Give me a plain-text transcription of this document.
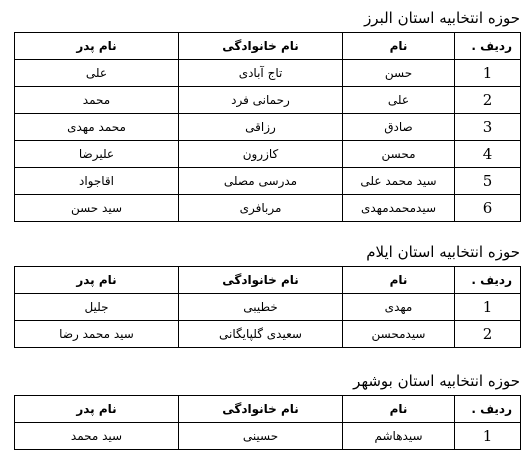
حوزه انتخابیه استان البرز
ردیف .	نام	نام خانوادگی	نام پدر
1	حسن	تاج آبادی	علی
2	علی	رحمانی فرد	محمد
3	صادق	رزاقی	محمد مهدی
4	محسن	کازرون	علیرضا
5	سید محمد علی	مدرسی مصلی	اقاجواد
6	سیدمحمدمهدی	مربافری	سید حسن
حوزه انتخابیه استان ایلام
ردیف .	نام	نام خانوادگی	نام پدر
1	مهدی	خطیبی	جلیل
2	سیدمحسن	سعیدی گلپایگانی	سید محمد رضا
حوزه انتخابیه استان بوشهر
ردیف .	نام	نام خانوادگی	نام پدر
1	سیدهاشم	حسینی	سید محمد
